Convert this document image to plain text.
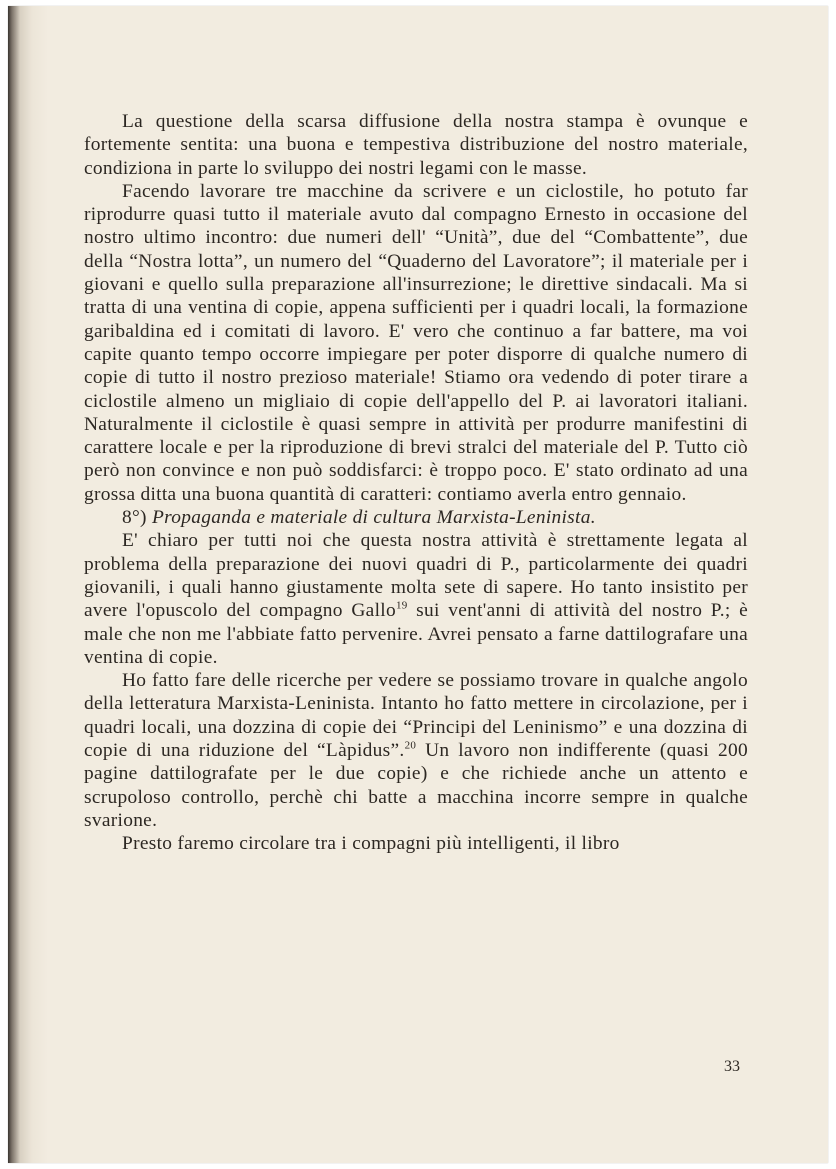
La questione della scarsa diffusione della nostra stampa è ovunque e fortemente sentita: una buona e tempestiva distribuzione del nostro materiale, condiziona in parte lo sviluppo dei nostri legami con le masse.

Facendo lavorare tre macchine da scrivere e un ciclostile, ho potuto far riprodurre quasi tutto il materiale avuto dal compagno Ernesto in occasione del nostro ultimo incontro: due numeri dell' “Unità”, due del “Combattente”, due della “Nostra lotta”, un numero del “Quaderno del Lavoratore”; il materiale per i giovani e quello sulla preparazione all'insurrezione; le direttive sindacali. Ma si tratta di una ventina di copie, appena sufficienti per i quadri locali, la formazione garibaldina ed i comitati di lavoro. E' vero che continuo a far battere, ma voi capite quanto tempo occorre impiegare per poter disporre di qualche numero di copie di tutto il nostro prezioso materiale! Stiamo ora vedendo di poter tirare a ciclostile almeno un migliaio di copie dell'appello del P. ai lavoratori italiani. Naturalmente il ciclostile è quasi sempre in attività per produrre manifestini di carattere locale e per la riproduzione di brevi stralci del materiale del P. Tutto ciò però non convince e non può soddisfarci: è troppo poco. E' stato ordinato ad una grossa ditta una buona quantità di caratteri: contiamo averla entro gennaio.

8°) Propaganda e materiale di cultura Marxista-Leninista.

E' chiaro per tutti noi che questa nostra attività è strettamente legata al problema della preparazione dei nuovi quadri di P., particolarmente dei quadri giovanili, i quali hanno giustamente molta sete di sapere. Ho tanto insistito per avere l'opuscolo del compagno Gallo$^{19}$ sui vent'anni di attività del nostro P.; è male che non me l'abbiate fatto pervenire. Avrei pensato a farne dattilografare una ventina di copie.

Ho fatto fare delle ricerche per vedere se possiamo trovare in qualche angolo della letteratura Marxista-Leninista. Intanto ho fatto mettere in circolazione, per i quadri locali, una dozzina di copie dei “Principi del Leninismo” e una dozzina di copie di una riduzione del “Làpidus”.$^{20}$ Un lavoro non indifferente (quasi 200 pagine dattilografate per le due copie) e che richiede anche un attento e scrupoloso controllo, perchè chi batte a macchina incorre sempre in qualche svarione.

Presto faremo circolare tra i compagni più intelligenti, il libro

33
